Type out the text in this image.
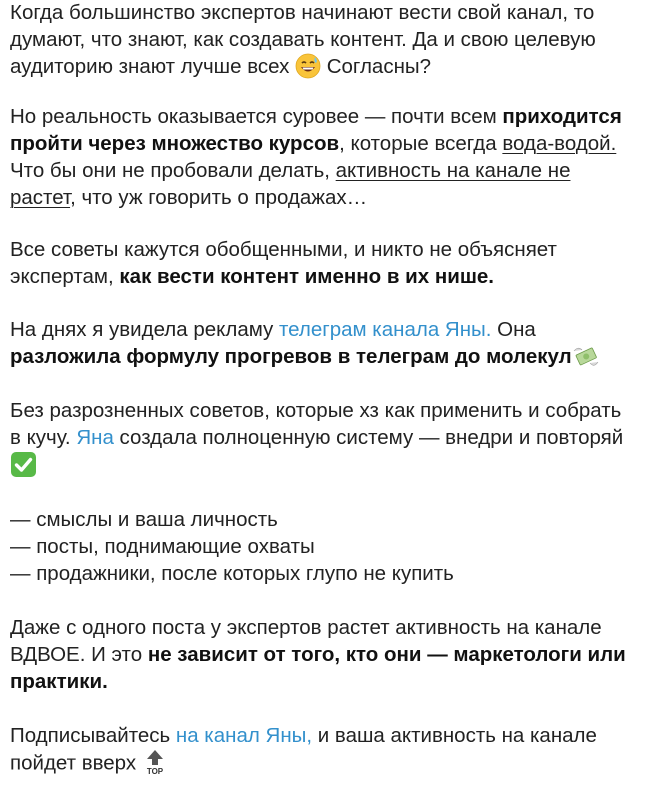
Когда большинство экспертов начинают вести свой канал, то
думают, что знают, как создавать контент. Да и свою целевую
аудиторию знают лучше всех Согласны?
Но реальность оказывается суровее — почти всем приходится
пройти через множество курсов, которые всегда вода-водой.
Что бы они не пробовали делать, активность на канале не
растет, что уж говорить о продажах…
Все советы кажутся обобщенными, и никто не объясняет
экспертам, как вести контент именно в их нише.
На днях я увидела рекламу телеграм канала Яны. Она
разложила формулу прогревов в телеграм до молекул
Без разрозненных советов, которые хз как применить и собрать
в кучу. Яна создала полноценную систему — внедри и повторяй
— смыслы и ваша личность
— посты, поднимающие охваты
— продажники, после которых глупо не купить
Даже с одного поста у экспертов растет активность на канале
ВДВОЕ. И это не зависит от того, кто они — маркетологи или
практики.
Подписывайтесь на канал Яны, и ваша активность на канале
пойдет вверх TOP
